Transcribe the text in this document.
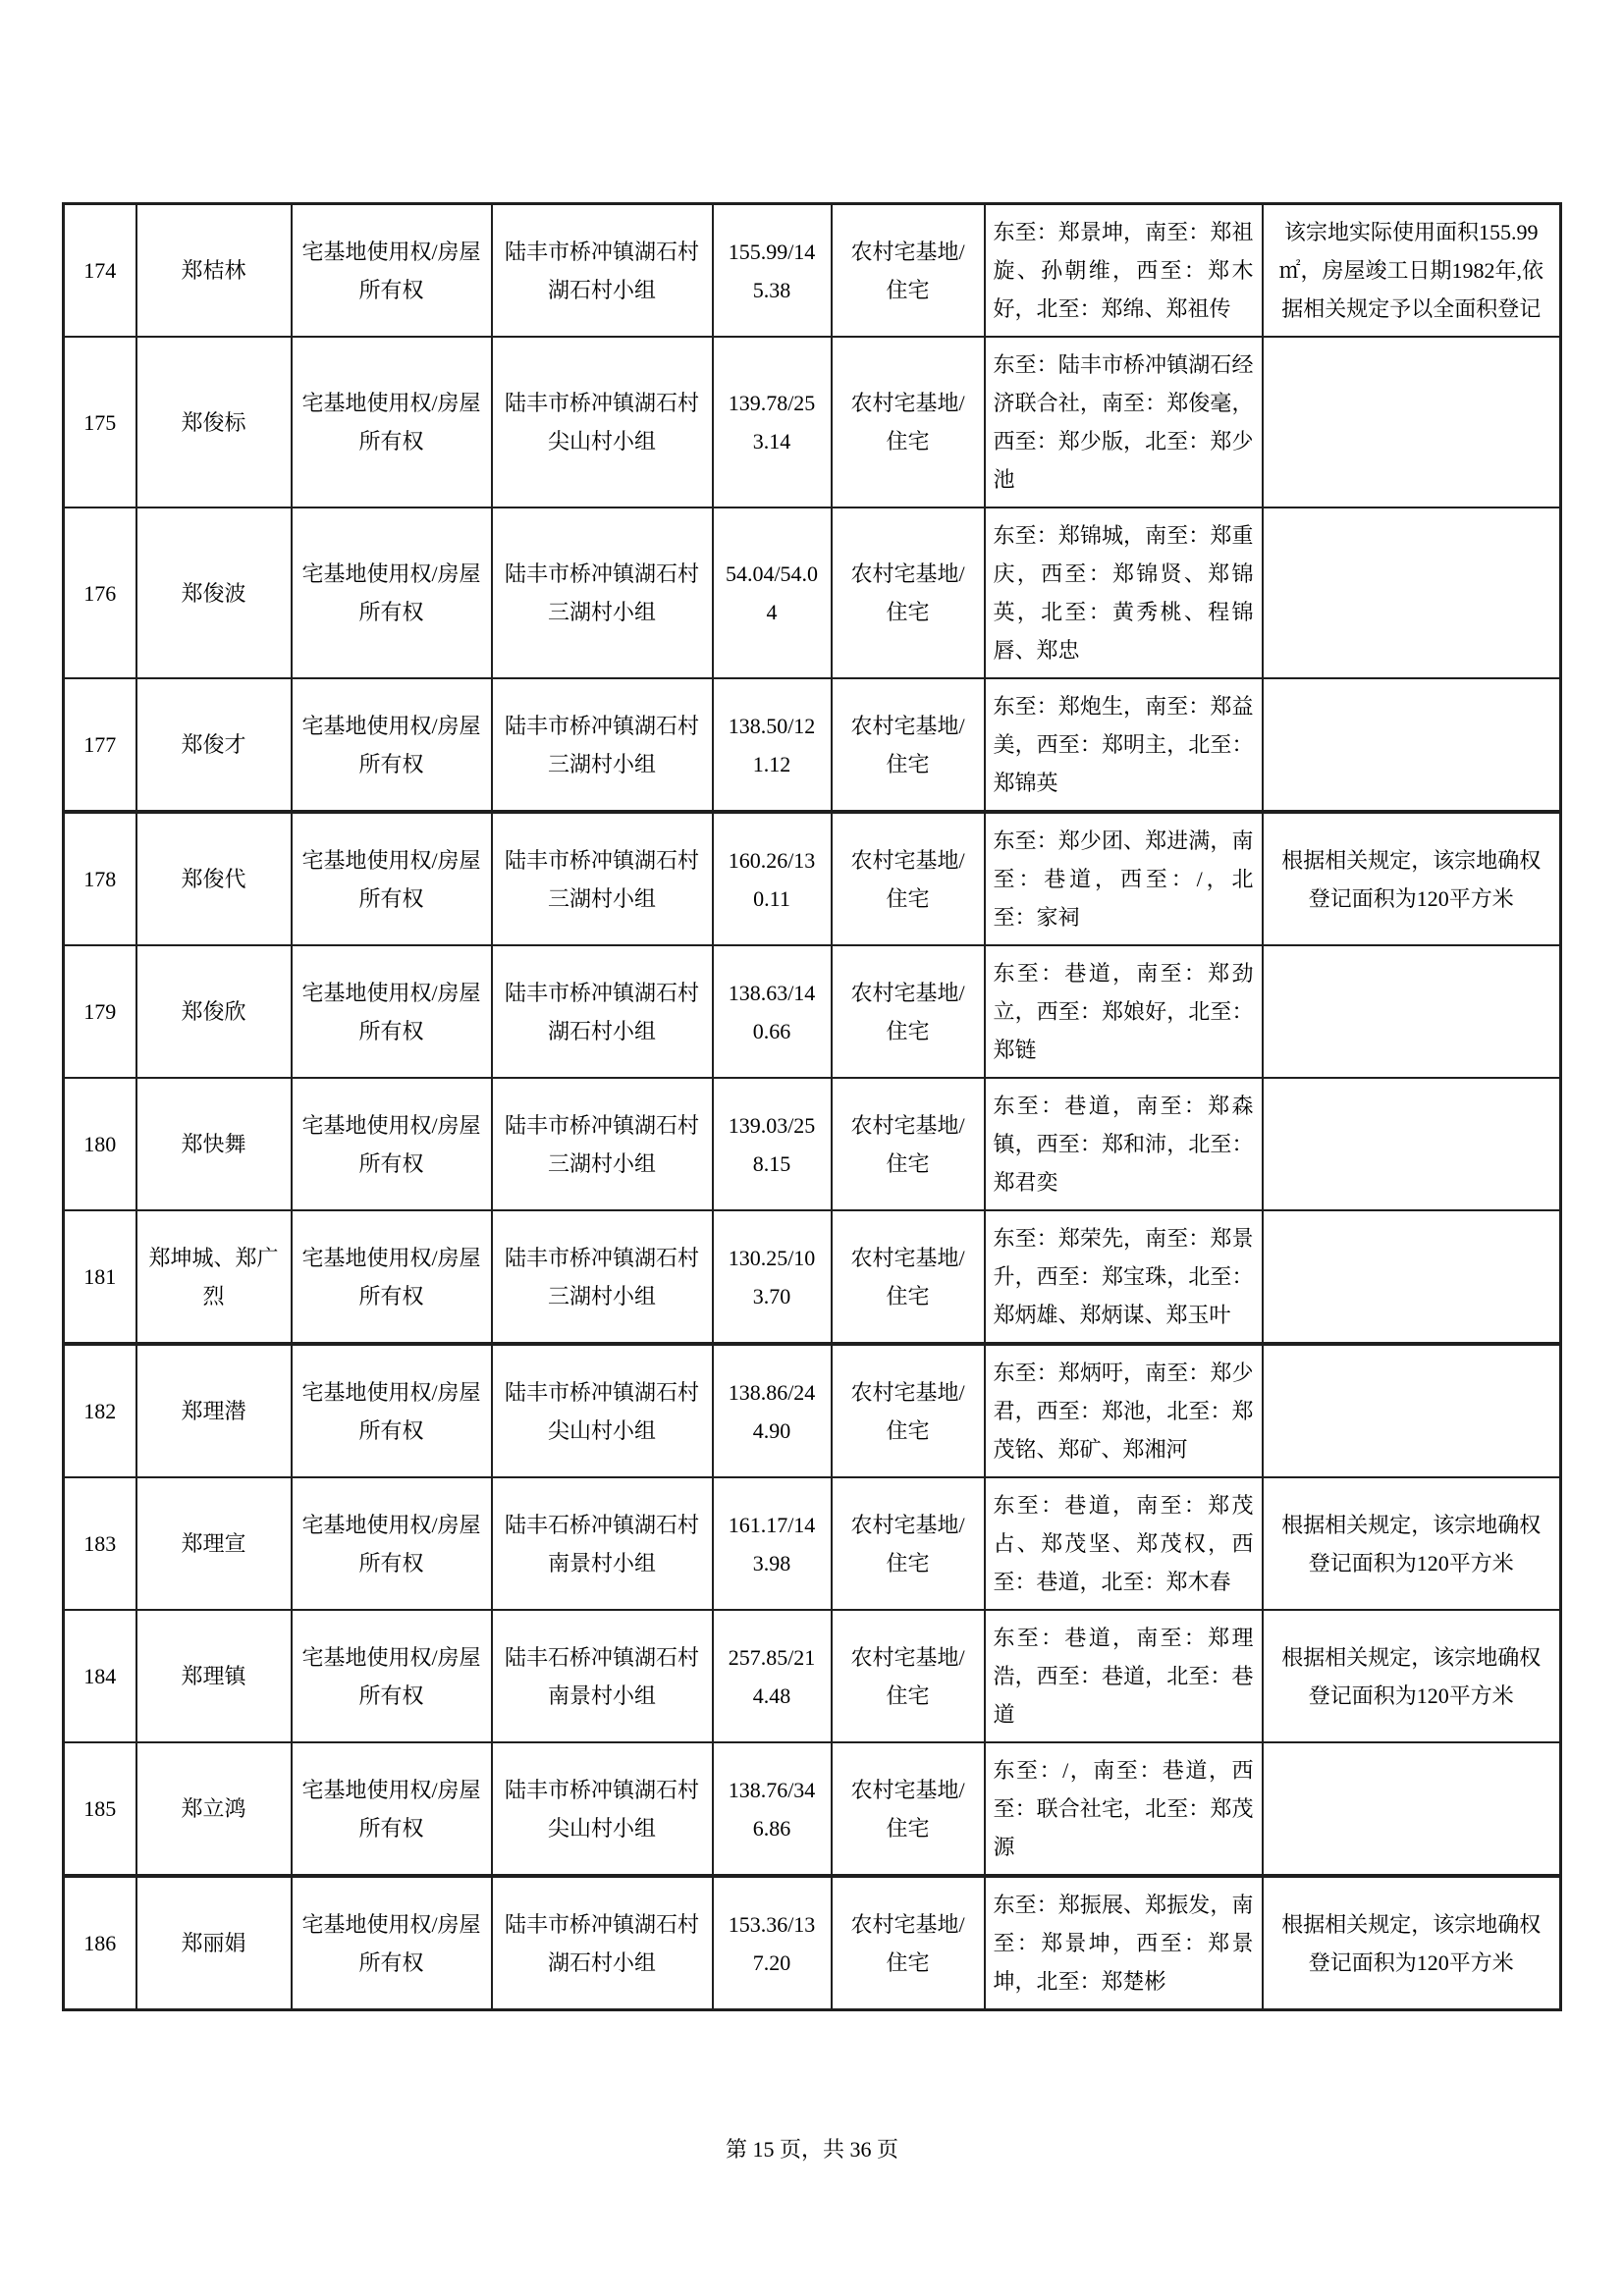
174	郑桔林	宅基地使用权/房屋所有权	陆丰市桥冲镇湖石村湖石村小组	155.99/145.38	农村宅基地/住宅	东至：郑景坤，南至：郑祖旋、孙朝维，西至：郑木好，北至：郑绵、郑祖传	该宗地实际使用面积155.99㎡，房屋竣工日期1982年,依据相关规定予以全面积登记
175	郑俊标	宅基地使用权/房屋所有权	陆丰市桥冲镇湖石村尖山村小组	139.78/253.14	农村宅基地/住宅	东至：陆丰市桥冲镇湖石经济联合社，南至：郑俊毫，西至：郑少版，北至：郑少池	
176	郑俊波	宅基地使用权/房屋所有权	陆丰市桥冲镇湖石村三湖村小组	54.04/54.04	农村宅基地/住宅	东至：郑锦城，南至：郑重庆，西至：郑锦贤、郑锦英，北至：黄秀桃、程锦唇、郑忠	
177	郑俊才	宅基地使用权/房屋所有权	陆丰市桥冲镇湖石村三湖村小组	138.50/121.12	农村宅基地/住宅	东至：郑炮生，南至：郑益美，西至：郑明主，北至：郑锦英	
178	郑俊代	宅基地使用权/房屋所有权	陆丰市桥冲镇湖石村三湖村小组	160.26/130.11	农村宅基地/住宅	东至：郑少团、郑进满，南至：巷道，西至：/，北至：家祠	根据相关规定，该宗地确权登记面积为120平方米
179	郑俊欣	宅基地使用权/房屋所有权	陆丰市桥冲镇湖石村湖石村小组	138.63/140.66	农村宅基地/住宅	东至：巷道，南至：郑劲立，西至：郑娘好，北至：郑链	
180	郑快舞	宅基地使用权/房屋所有权	陆丰市桥冲镇湖石村三湖村小组	139.03/258.15	农村宅基地/住宅	东至：巷道，南至：郑森镇，西至：郑和沛，北至：郑君奕	
181	郑坤城、郑广烈	宅基地使用权/房屋所有权	陆丰市桥冲镇湖石村三湖村小组	130.25/103.70	农村宅基地/住宅	东至：郑荣先，南至：郑景升，西至：郑宝珠，北至：郑炳雄、郑炳谋、郑玉叶	
182	郑理潜	宅基地使用权/房屋所有权	陆丰市桥冲镇湖石村尖山村小组	138.86/244.90	农村宅基地/住宅	东至：郑炳吁，南至：郑少君，西至：郑池，北至：郑茂铭、郑矿、郑湘河	
183	郑理宣	宅基地使用权/房屋所有权	陆丰石桥冲镇湖石村南景村小组	161.17/143.98	农村宅基地/住宅	东至：巷道，南至：郑茂占、郑茂坚、郑茂权，西至：巷道，北至：郑木春	根据相关规定，该宗地确权登记面积为120平方米
184	郑理镇	宅基地使用权/房屋所有权	陆丰石桥冲镇湖石村南景村小组	257.85/214.48	农村宅基地/住宅	东至：巷道，南至：郑理浩，西至：巷道，北至：巷道	根据相关规定，该宗地确权登记面积为120平方米
185	郑立鸿	宅基地使用权/房屋所有权	陆丰市桥冲镇湖石村尖山村小组	138.76/346.86	农村宅基地/住宅	东至：/，南至：巷道，西至：联合社宅，北至：郑茂源	
186	郑丽娟	宅基地使用权/房屋所有权	陆丰市桥冲镇湖石村湖石村小组	153.36/137.20	农村宅基地/住宅	东至：郑振展、郑振发，南至：郑景坤，西至：郑景坤，北至：郑楚彬	根据相关规定，该宗地确权登记面积为120平方米
第 15 页，共 36 页
